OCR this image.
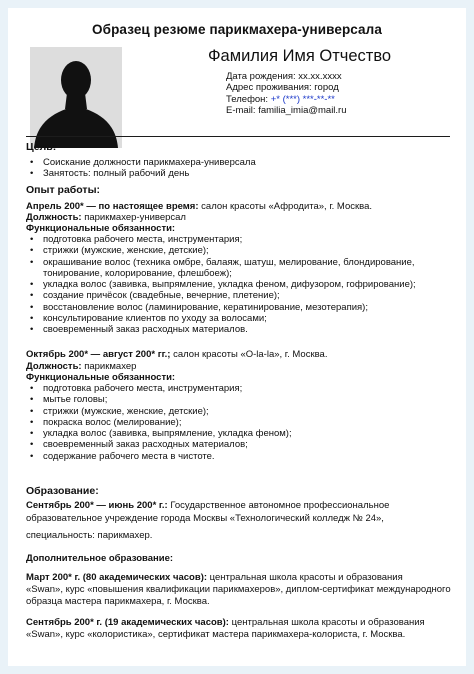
Образец резюме парикмахера-универсала
Фамилия Имя Отчество
Дата рождения: xx.xx.xxxx
Адрес проживания: город
Телефон: +* (***) ***-**-**
E-mail: familia_imia@mail.ru
Цель:
• Соискание должности парикмахера-универсала
• Занятость: полный рабочий день
Опыт работы:
Апрель 200* — по настоящее время: салон красоты «Афродита», г. Москва.
Должность: парикмахер-универсал
Функциональные обязанности:
• подготовка рабочего места, инструментария;
• стрижки (мужские, женские, детские);
• окрашивание волос (техника омбре, балаяж, шатуш, мелирование, блондирование,
тонирование, колорирование, флешбоеж);
• укладка волос (завивка, выпрямление, укладка феном, дифузором, гофрирование);
• создание причёсок (свадебные, вечерние, плетение);
• восстановление волос (ламинирование, кератинирование, мезотерапия);
• консультирование клиентов по уходу за волосами;
• своевременный заказ расходных материалов.
Октябрь 200* — август 200* гг.; салон красоты «O-la-la», г. Москва.
Должность: парикмахер
Функциональные обязанности:
• подготовка рабочего места, инструментария;
• мытье головы;
• стрижки (мужские, женские, детские);
• покраска волос (мелирование);
• укладка волос (завивка, выпрямление, укладка феном);
• своевременный заказ расходных материалов;
• содержание рабочего места в чистоте.
Образование:
Сентябрь 200* — июнь 200* г.: Государственное автономное профессиональное
образовательное учреждение города Москвы «Технологический колледж № 24»,
специальность: парикмахер.
Дополнительное образование:
Март 200* г. (80 академических часов): центральная школа красоты и образования
«Swan», курс «повышения квалификации парикмахеров», диплом-сертификат международного
образца мастера парикмахера, г. Москва.
Сентябрь 200* г. (19 академических часов): центральная школа красоты и образования
«Swan», курс «колористика», сертификат мастера парикмахера-колориста, г. Москва.
